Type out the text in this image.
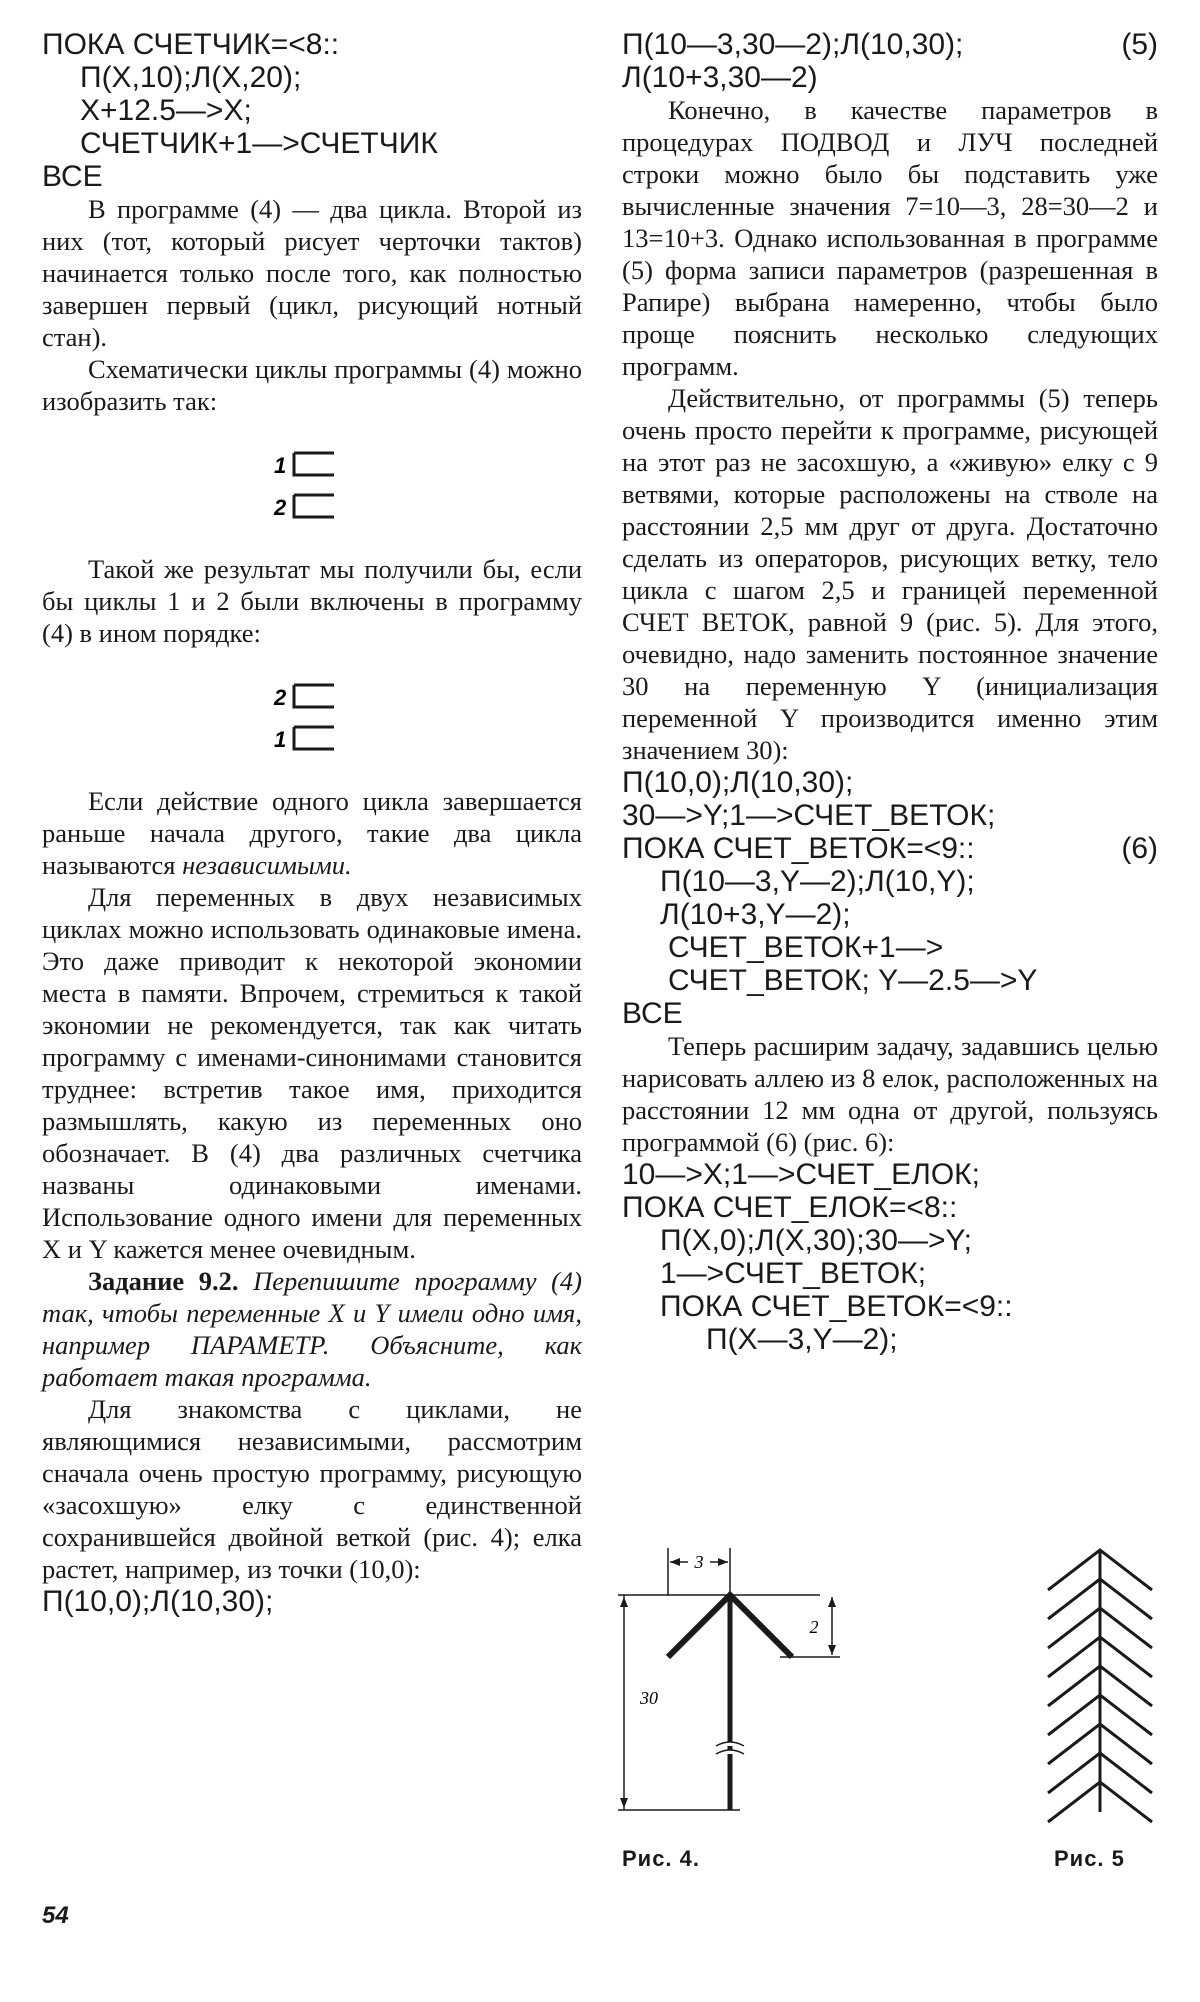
ПОКА СЧЕТЧИК=<8::
П(X,10);Л(X,20);
X+12.5—>X;
СЧЕТЧИК+1—>СЧЕТЧИК
ВСЕ

В программе (4) — два цикла. Второй из них (тот, который рисует черточки тактов) начинается только после того, как полностью завершен первый (цикл, рисующий нотный стан).

Схематически циклы программы (4) можно изобразить так:

1
2

Такой же результат мы получили бы, если бы циклы 1 и 2 были включены в программу (4) в ином порядке:

2
1

Если действие одного цикла завершается раньше начала другого, такие два цикла называются независимыми.

Для переменных в двух независимых циклах можно использовать одинаковые имена. Это даже приводит к некоторой экономии места в памяти. Впрочем, стремиться к такой экономии не рекомендуется, так как читать программу с именами-синонимами становится труднее: встретив такое имя, приходится размышлять, какую из переменных оно обозначает. В (4) два различных счетчика названы одинаковыми именами. Использование одного имени для переменных X и Y кажется менее очевидным.

Задание 9.2. Перепишите программу (4) так, чтобы переменные X и Y имели одно имя, например ПАРАМЕТР. Объясните, как работает такая программа.

Для знакомства с циклами, не являющимися независимыми, рассмотрим сначала очень простую программу, рисующую «засохшую» елку с единственной сохранившейся двойной веткой (рис. 4); елка растет, например, из точки (10,0):

П(10,0);Л(10,30);
П(10—3,30—2);Л(10,30);	(5)
Л(10+3,30—2)

Конечно, в качестве параметров в процедурах ПОДВОД и ЛУЧ последней строки можно было бы подставить уже вычисленные значения 7=10—3, 28=30—2 и 13=10+3. Однако использованная в программе (5) форма записи параметров (разрешенная в Рапире) выбрана намеренно, чтобы было проще пояснить несколько следующих программ.

Действительно, от программы (5) теперь очень просто перейти к программе, рисующей на этот раз не засохшую, а «живую» елку с 9 ветвями, которые расположены на стволе на расстоянии 2,5 мм друг от друга. Достаточно сделать из операторов, рисующих ветку, тело цикла с шагом 2,5 и границей переменной СЧЕТ ВЕТОК, равной 9 (рис. 5). Для этого, очевидно, надо заменить постоянное значение 30 на переменную Y (инициализация переменной Y производится именно этим значением 30):

П(10,0);Л(10,30);
30—>Y;1—>СЧЕТ_ВЕТОК;
ПОКА СЧЕТ_ВЕТОК=<9::	(6)
П(10—3,Y—2);Л(10,Y);
Л(10+3,Y—2);
СЧЕТ_ВЕТОК+1—>
СЧЕТ_ВЕТОК; Y—2.5—>Y
ВСЕ

Теперь расширим задачу, задавшись целью нарисовать аллею из 8 елок, расположенных на расстоянии 12 мм одна от другой, пользуясь программой (6) (рис. 6):

10—>X;1—>СЧЕТ_ЕЛОК;
ПОКА СЧЕТ_ЕЛОК=<8::
П(X,0);Л(X,30);30—>Y;
1—>СЧЕТ_ВЕТОК;
ПОКА СЧЕТ_ВЕТОК=<9::
П(X—3,Y—2);
3
2
30
Рис. 4.	Рис. 5
54
